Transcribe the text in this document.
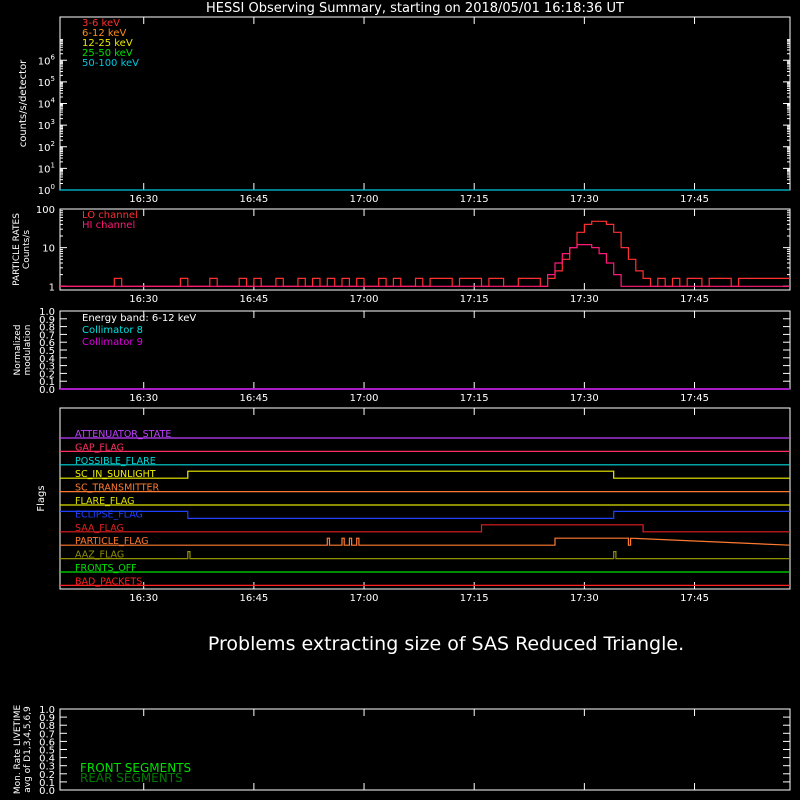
HESSI Observing Summary, starting on 2018/05/01 16:18:36 UT
Problems extracting size of SAS Reduced Triangle.
$10^0$
$10^1$
$10^2$
$10^3$
$10^4$
$10^5$
$10^6$
16:30	16:45	17:00	17:15	17:30	17:45
counts/s/detector
3-6 keV
6-12 keV
12-25 keV
25-50 keV
50-100 keV
1
10
100
16:30	16:45	17:00	17:15	17:30	17:45
PARTICLE RATES Counts/s
LO channel
HI channel
0.0
0.1
0.2
0.3
0.4
0.5
0.6
0.7
0.8
0.9
1.0
16:30	16:45	17:00	17:15	17:30	17:45
Normalized modulation
Energy band: 6-12 keV
Collimator 8
Collimator 9
16:30	16:45	17:00	17:15	17:30	17:45
Flags
ATTENUATOR_STATE
GAP_FLAG
POSSIBLE_FLARE
SC_IN_SUNLIGHT
SC_TRANSMITTER
FLARE_FLAG
ECLIPSE_FLAG
SAA_FLAG
PARTICLE_FLAG
AAZ_FLAG
FRONTS_OFF
BAD_PACKETS
0.0
0.1
0.2
0.3
0.4
0.5
0.6
0.7
0.8
0.9
1.0
Mon. Rate LIVETIME avg of D1,3,4,5,6,9	FRONT SEGMENTS
REAR SEGMENTS
